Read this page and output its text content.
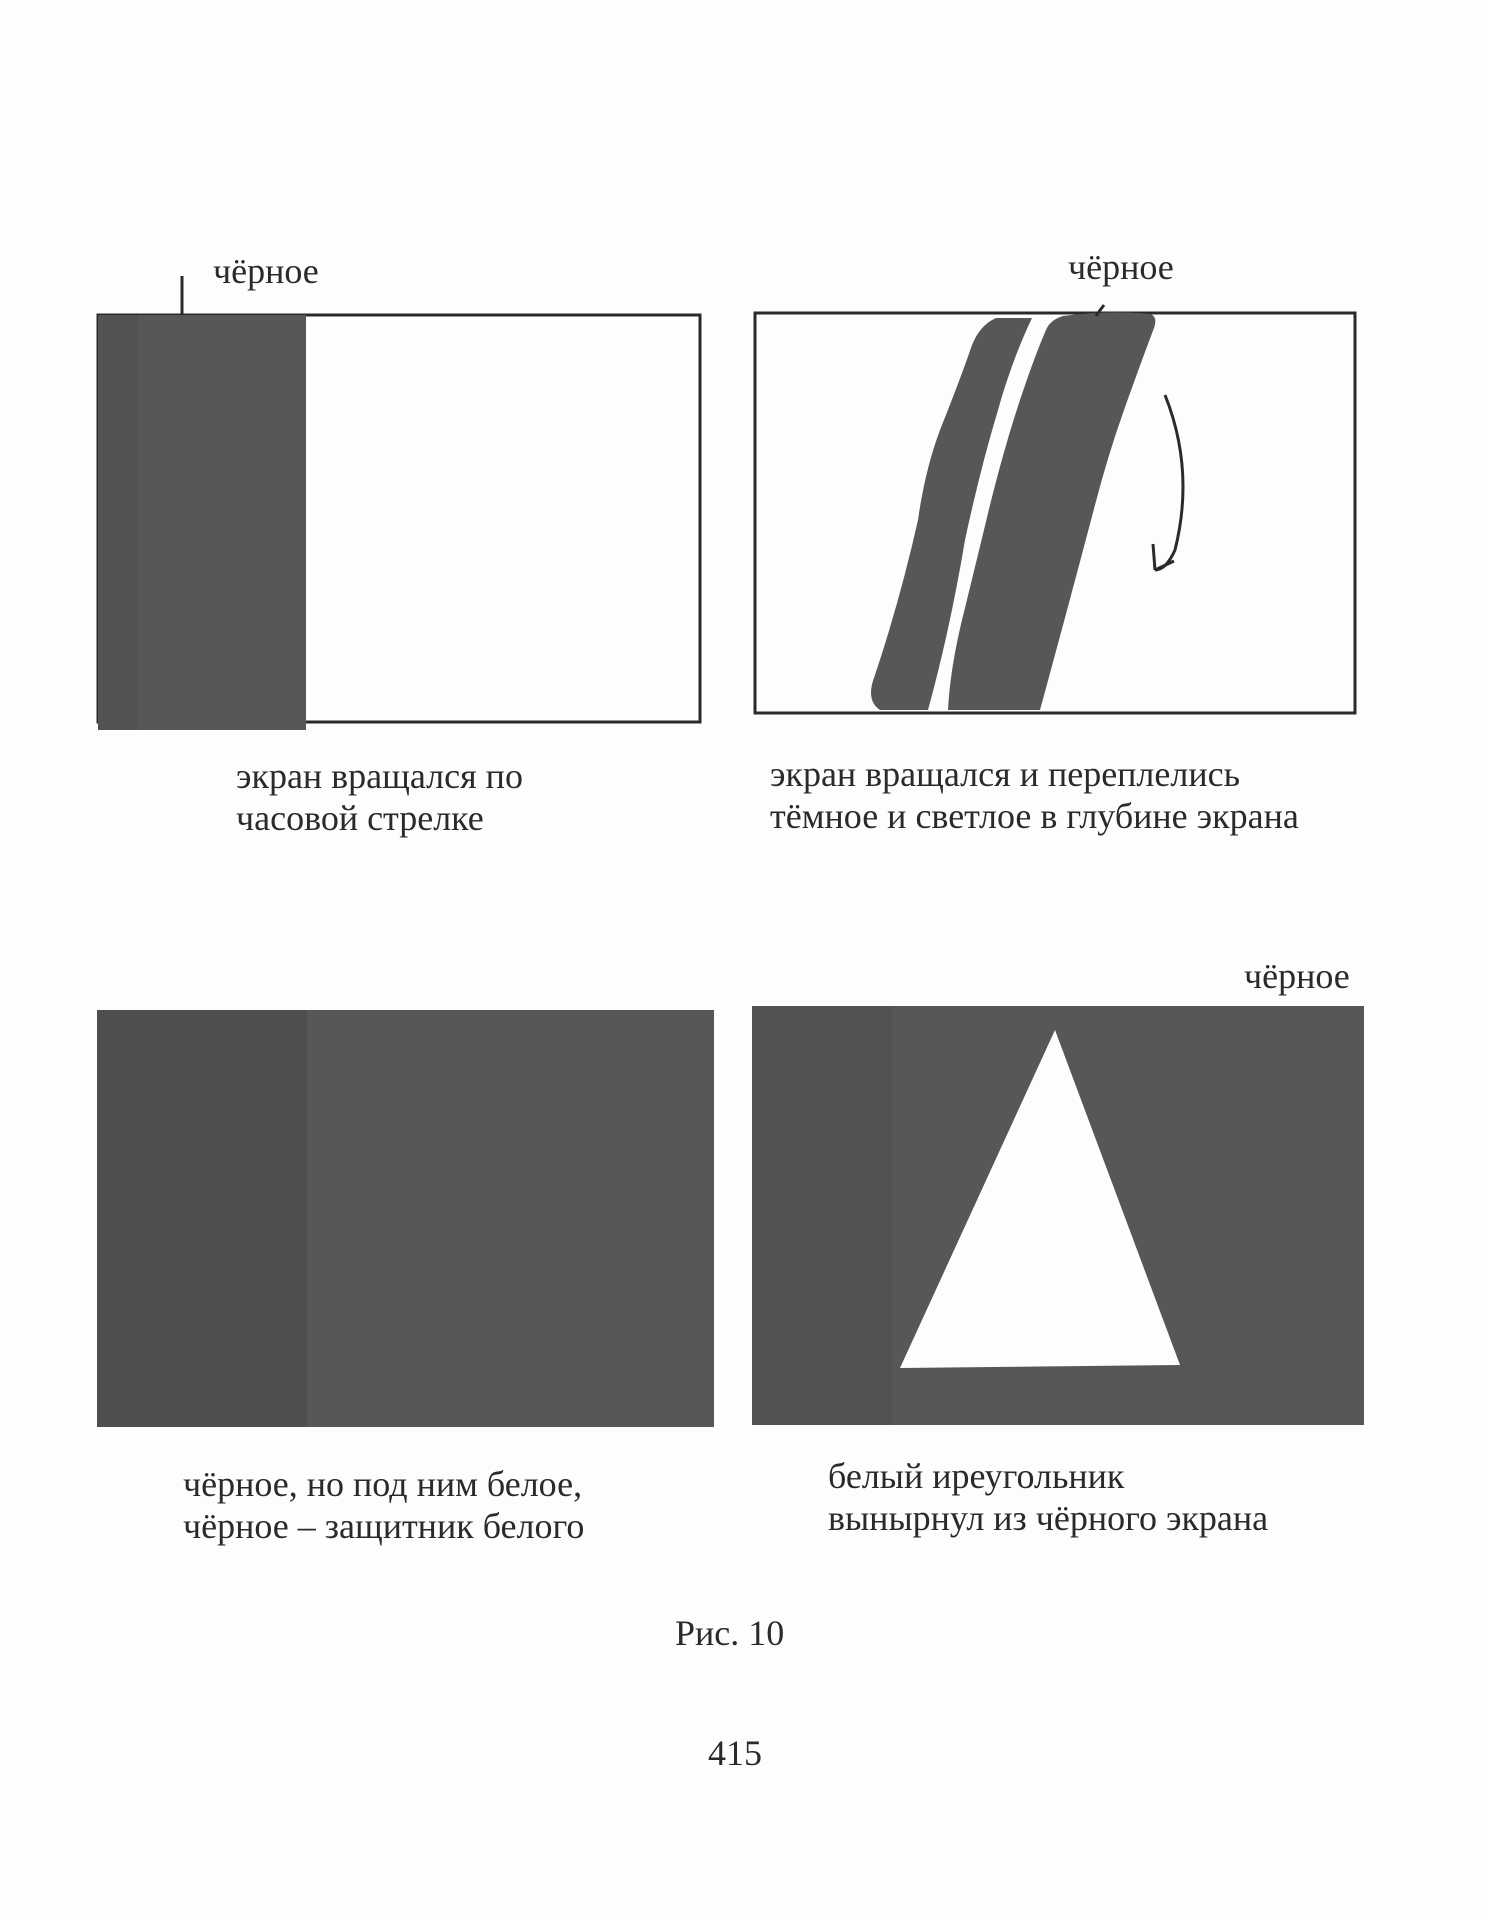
чёрное
экран вращался по
часовой стрелке
чёрное
экран вращался и переплелись
тёмное и светлое в глубине экрана
чёрное, но под ним белое,
чёрное – защитник белого
чёрное
белый иреугольник
вынырнул из чёрного экрана
Рис. 10
415
